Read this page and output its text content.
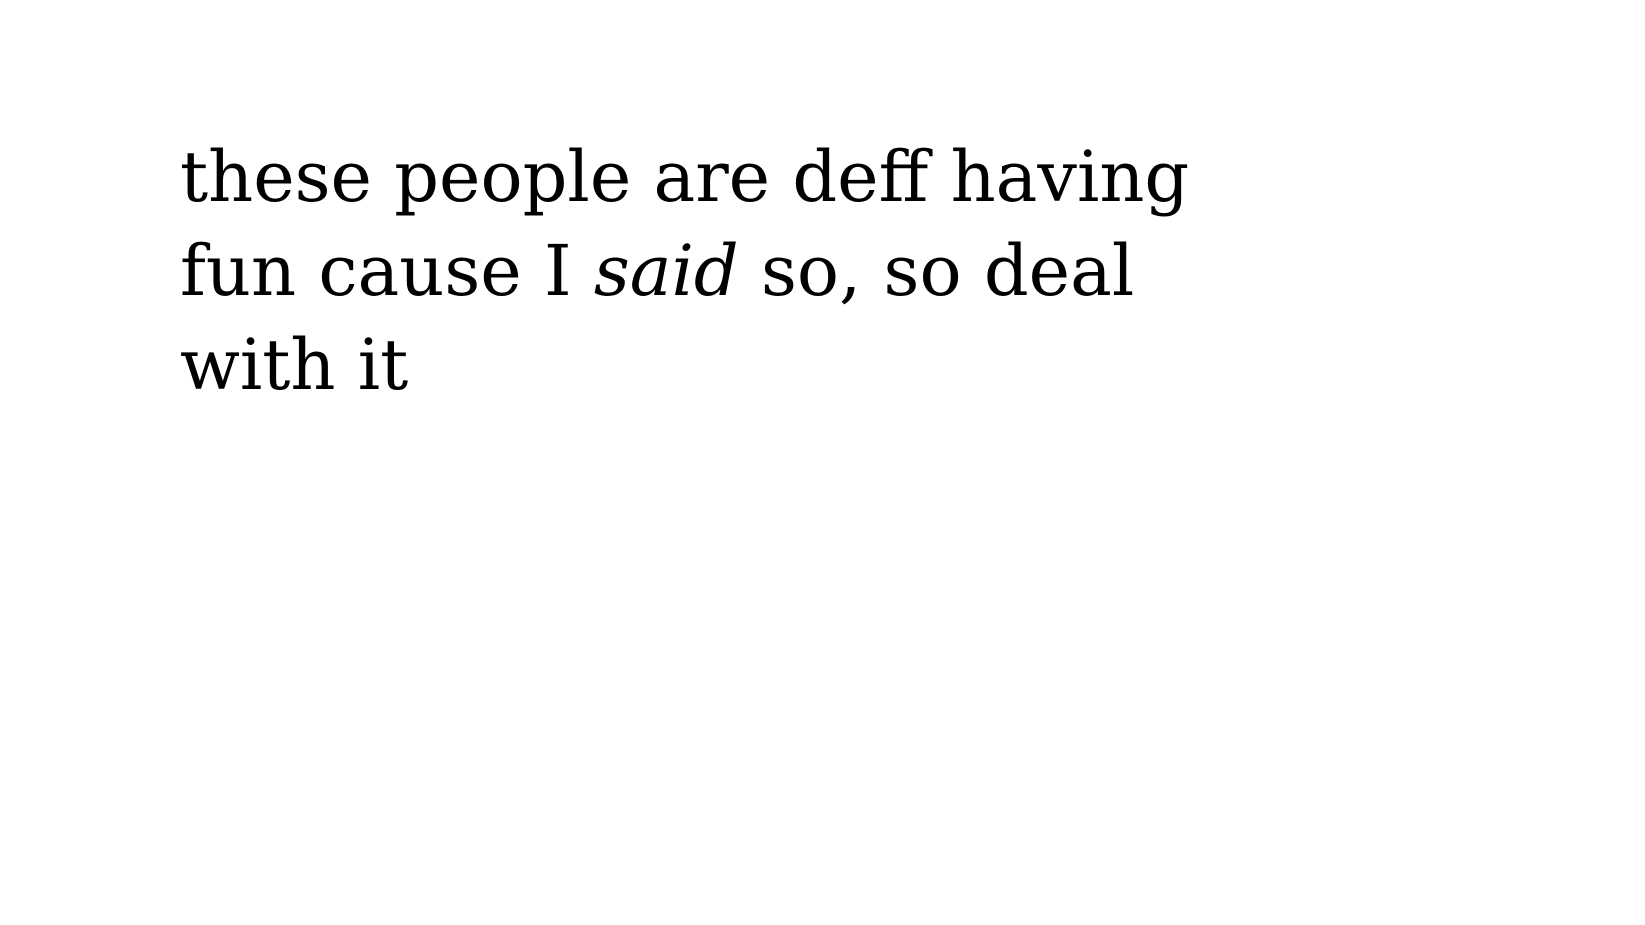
these people are deff having
fun cause I said so, so deal
with it
